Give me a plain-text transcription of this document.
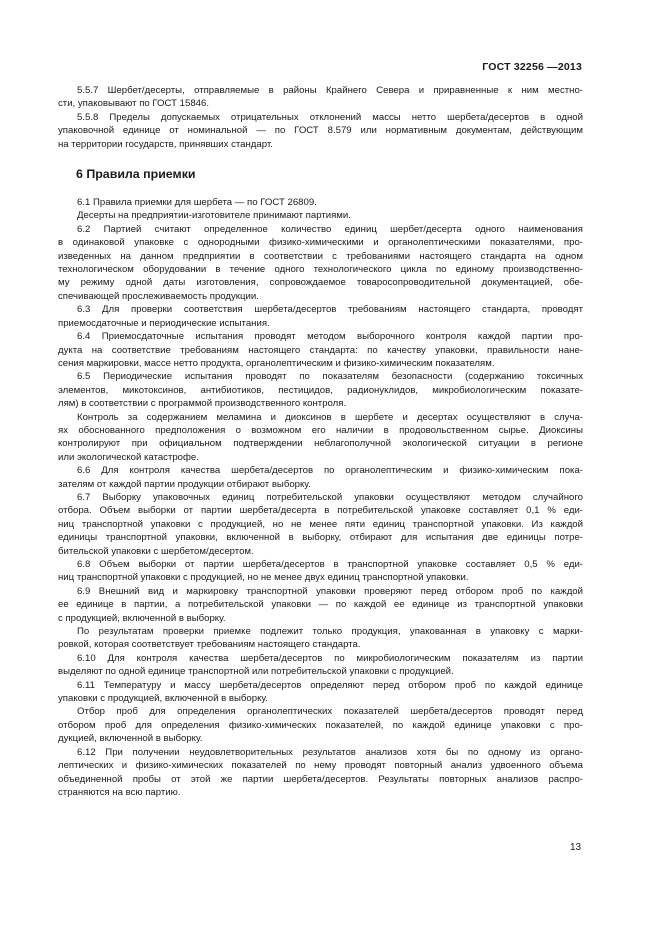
ГОСТ 32256 —2013
5.5.7 Шербет/десерты, отправляемые в районы Крайнего Севера и приравненные к ним местно-
сти, упаковывают по ГОСТ 15846.
5.5.8 Пределы допускаемых отрицательных отклонений массы нетто шербета/десертов в одной
упаковочной единице от номинальной — по ГОСТ 8.579 или нормативным документам, действующим
на территории государств, принявших стандарт.
6 Правила приемки
6.1 Правила приемки для шербета — по ГОСТ 26809.
Десерты на предприятии-изготовителе принимают партиями.
6.2 Партией считают определенное количество единиц шербет/десерта одного наименования
в одинаковой упаковке с однородными физико-химическими и органолептическими показателями, про-
изведенных на данном предприятии в соответствии с требованиями настоящего стандарта на одном
технологическом оборудовании в течение одного технологического цикла по единому производственно-
му режиму одной даты изготовления, сопровождаемое товаросопроводительной документацией, обе-
спечивающей прослеживаемость продукции.
6.3 Для проверки соответствия шербета/десертов требованиям настоящего стандарта, проводят
приемосдаточные и периодические испытания.
6.4 Приемосдаточные испытания проводят методом выборочного контроля каждой партии про-
дукта на соответствие требованиям настоящего стандарта: по качеству упаковки, правильности нане-
сения маркировки, массе нетто продукта, органолептическим и физико-химическим показателям.
6.5 Периодические испытания проводят по показателям безопасности (содержанию токсичных
элементов, микотоксинов, антибиотиков, пестицидов, радионуклидов, микробиологическим показате-
лям) в соответствии с программой производственного контроля.
Контроль за содержанием меламина и диоксинов в шербете и десертах осуществляют в случа-
ях обоснованного предположения о возможном его наличии в продовольственном сырье. Диоксины
контролируют при официальном подтверждении неблагополучной экологической ситуации в регионе
или экологической катастрофе.
6.6 Для контроля качества шербета/десертов по органолептическим и физико-химическим пока-
зателям от каждой партии продукции отбирают выборку.
6.7 Выборку упаковочных единиц потребительской упаковки осуществляют методом случайного
отбора. Объем выборки от партии шербета/десерта в потребительской упаковке составляет 0,1 % еди-
ниц транспортной упаковки с продукцией, но не менее пяти единиц транспортной упаковки. Из каждой
единицы транспортной упаковки, включенной в выборку, отбирают для испытания две единицы потре-
бительской упаковки с шербетом/десертом.
6.8 Объем выборки от партии шербета/десертов в транспортной упаковке составляет 0,5 % еди-
ниц транспортной упаковки с продукцией, но не менее двух единиц транспортной упаковки.
6.9 Внешний вид и маркировку транспортной упаковки проверяют перед отбором проб по каждой
ее единице в партии, а потребительской упаковки — по каждой ее единице из транспортной упаковки
с продукцией, включенной в выборку.
По результатам проверки приемке подлежит только продукция, упакованная в упаковку с марки-
ровкой, которая соответствует требованиям настоящего стандарта.
6.10 Для контроля качества шербета/десертов по микробиологическим показателям из партии
выделяют по одной единице транспортной или потребительской упаковки с продукцией.
6.11 Температуру и массу шербета/десертов определяют перед отбором проб по каждой единице
упаковки с продукцией, включенной в выборку.
Отбор проб для определения органолептических показателей шербета/десертов проводят перед
отбором проб для определения физико-химических показателей, по каждой единице упаковки с про-
дукцией, включенной в выборку.
6.12 При получении неудовлетворительных результатов анализов хотя бы по одному из органо-
лептических и физико-химических показателей по нему проводят повторный анализ удвоенного объема
объединенной пробы от этой же партии шербета/десертов. Результаты повторных анализов распро-
страняются на всю партию.
13
